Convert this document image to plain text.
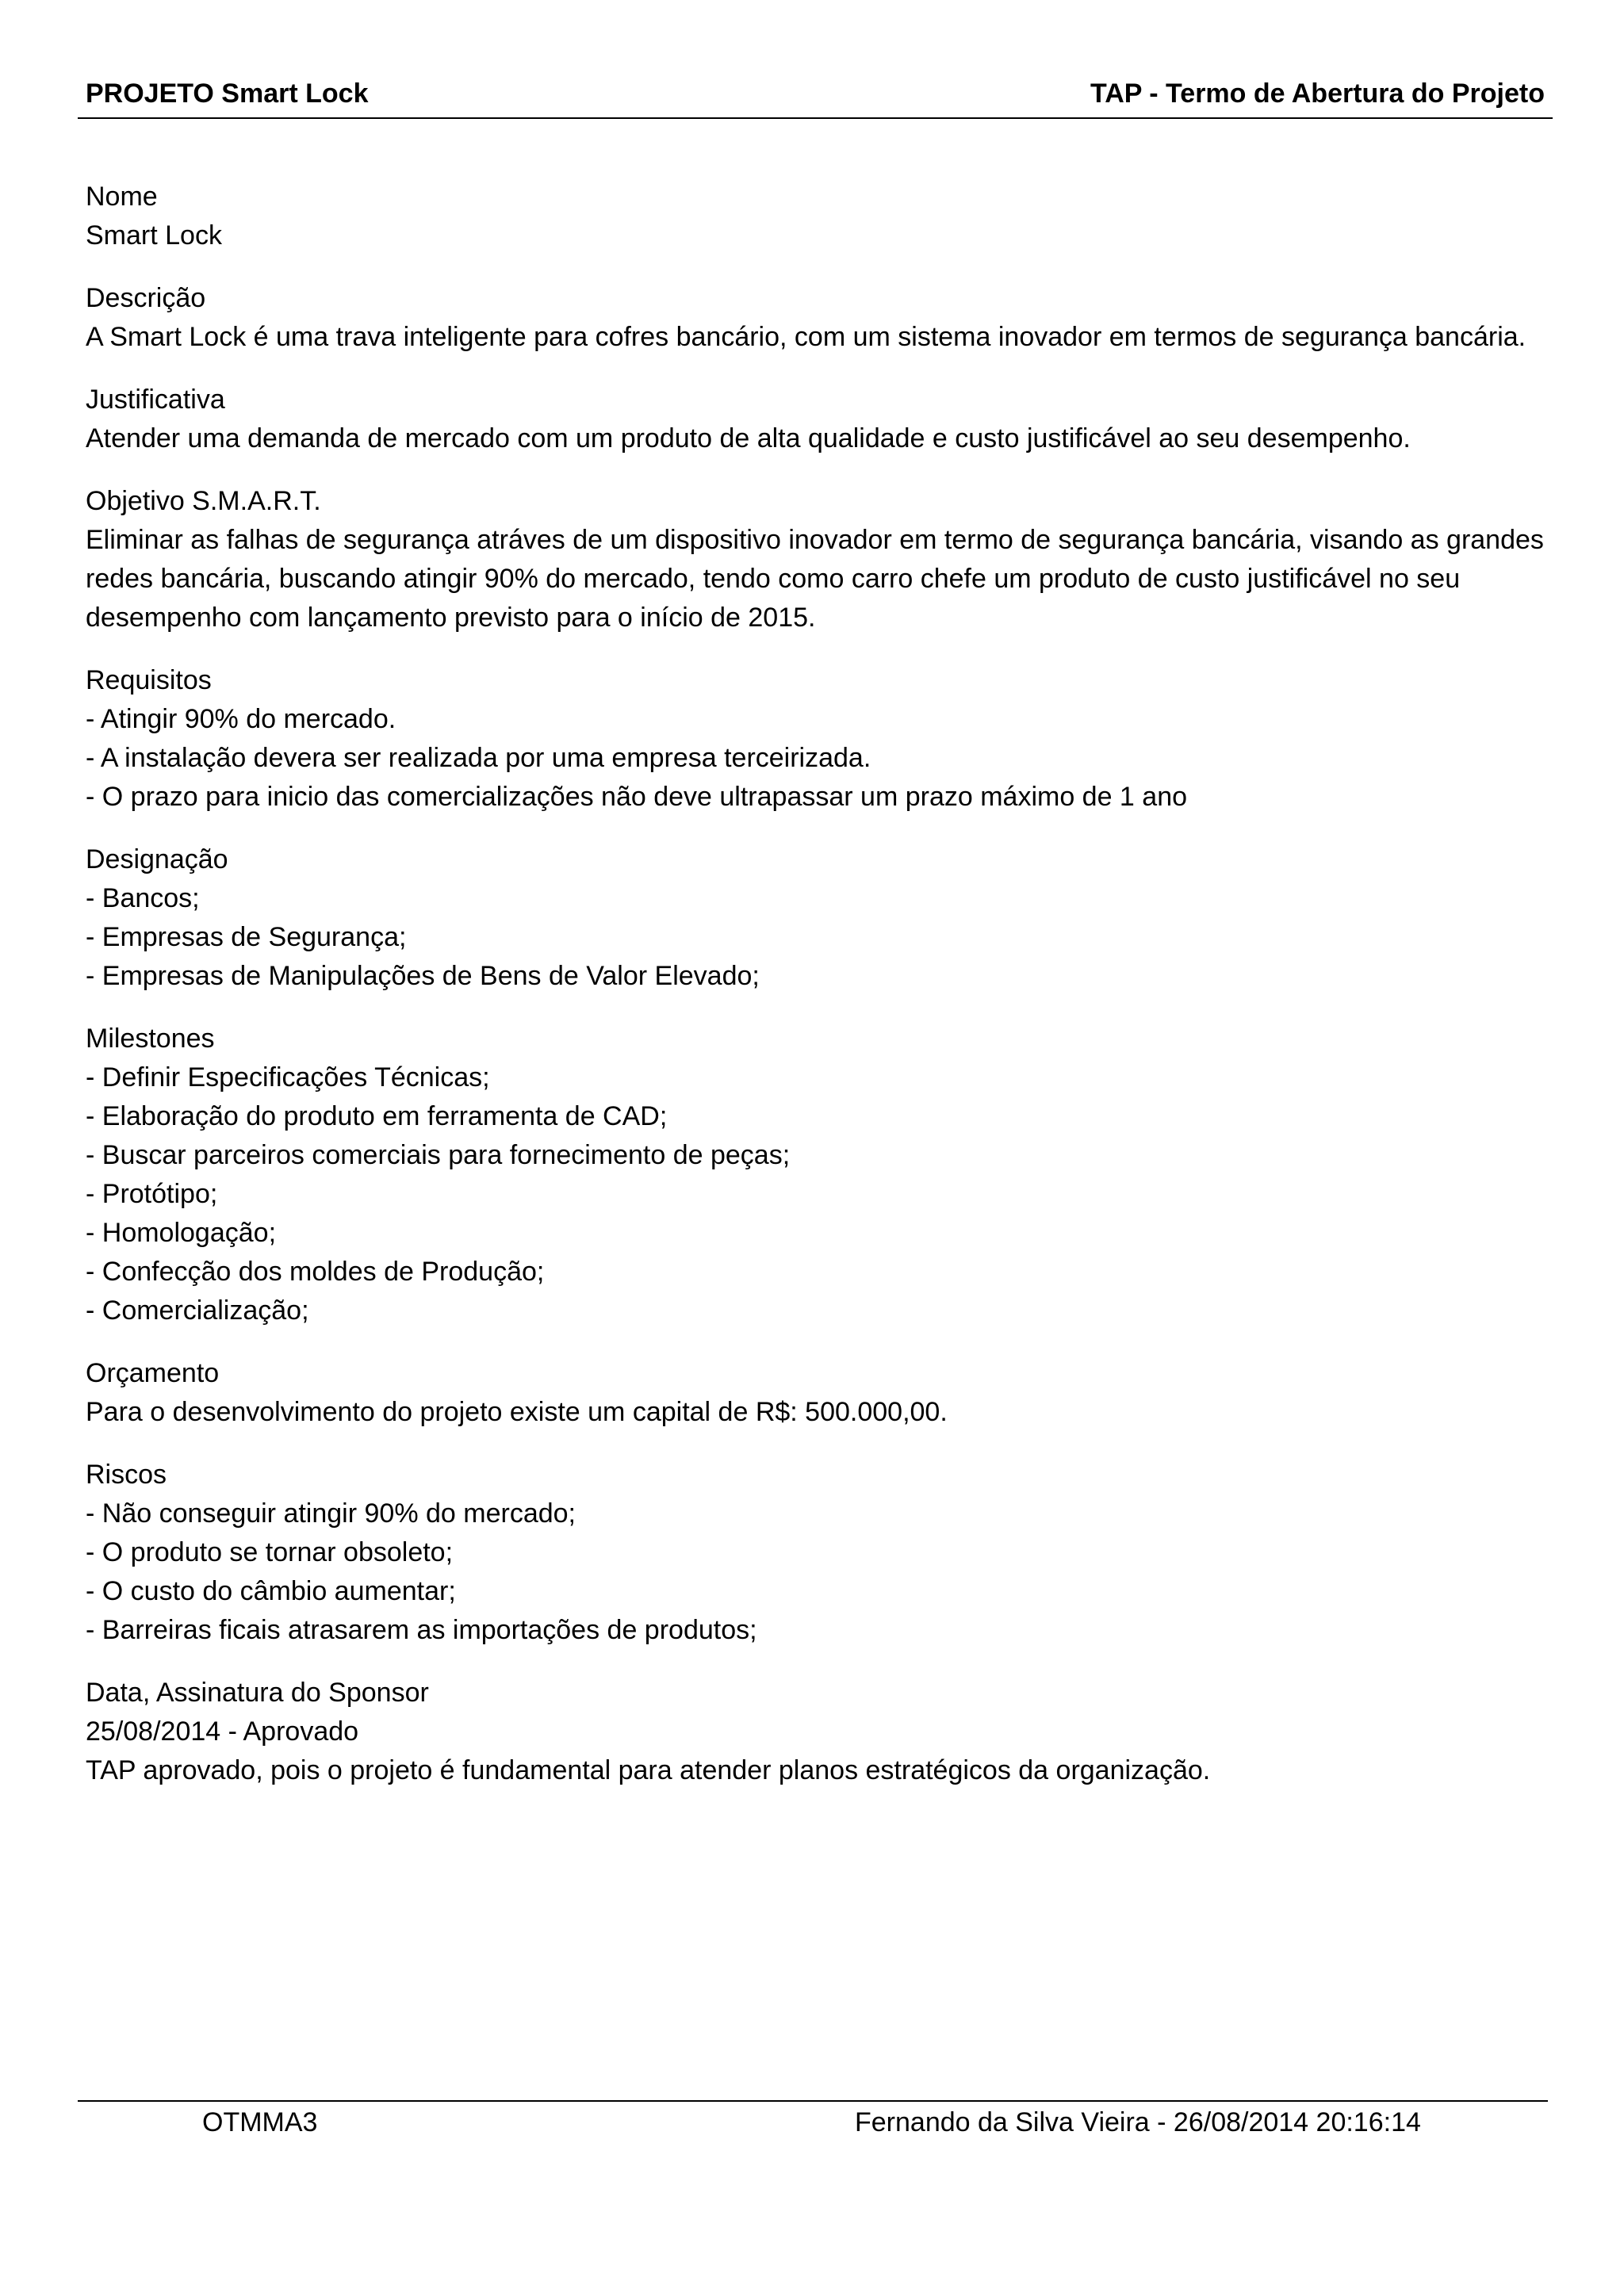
PROJETO Smart Lock	TAP - Termo de Abertura do Projeto
Nome
Smart Lock
Descrição
A Smart Lock é uma trava inteligente para cofres bancário, com um sistema inovador em termos de segurança bancária.
Justificativa
Atender uma demanda de mercado com um produto de alta qualidade e custo justificável ao seu desempenho.
Objetivo S.M.A.R.T.
Eliminar as falhas de segurança atráves de um dispositivo inovador em termo de segurança bancária, visando as grandes redes bancária, buscando atingir 90% do mercado, tendo como carro chefe um produto de custo justificável no seu desempenho com lançamento previsto para o início de 2015.
Requisitos
- Atingir 90% do mercado.
- A instalação devera ser realizada por uma empresa terceirizada.
- O prazo para inicio das comercializações não deve ultrapassar um prazo máximo de 1 ano
Designação
- Bancos;
- Empresas de Segurança;
- Empresas de Manipulações de Bens de Valor Elevado;
Milestones
- Definir Especificações Técnicas;
- Elaboração do produto em ferramenta de CAD;
- Buscar parceiros comerciais para fornecimento de peças;
- Protótipo;
- Homologação;
- Confecção dos moldes de Produção;
- Comercialização;
Orçamento
Para o desenvolvimento do projeto existe um capital de R$: 500.000,00.
Riscos
- Não conseguir atingir 90% do mercado;
- O produto se tornar obsoleto;
- O custo do câmbio aumentar;
- Barreiras ficais atrasarem as importações de produtos;
Data, Assinatura do Sponsor
25/08/2014 - Aprovado
TAP aprovado, pois o projeto é fundamental para atender planos estratégicos da organização.
OTMMA3	Fernando da Silva Vieira - 26/08/2014 20:16:14
